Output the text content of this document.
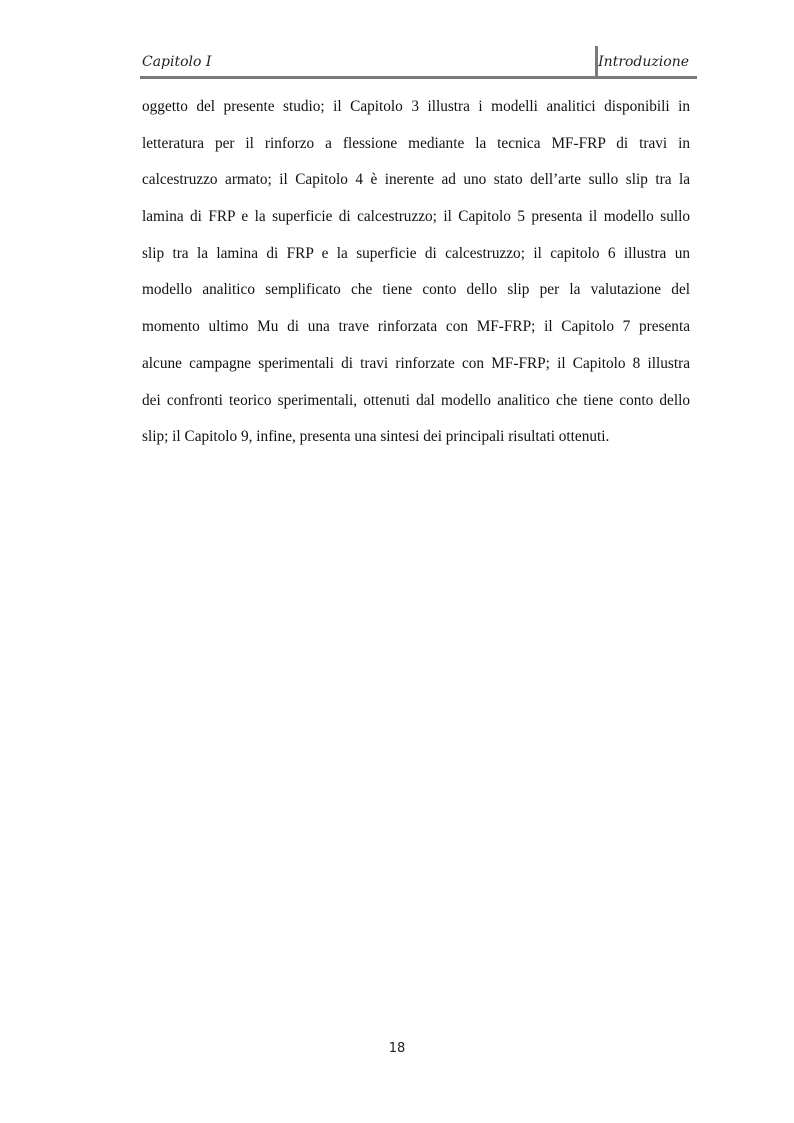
Capitolo I	Introduzione
oggetto del presente studio; il Capitolo 3 illustra i modelli analitici disponibili in
letteratura per il rinforzo a flessione mediante la tecnica MF-FRP di travi in
calcestruzzo armato; il Capitolo 4 è inerente ad uno stato dell’arte sullo slip tra la
lamina di FRP e la superficie di calcestruzzo; il Capitolo 5 presenta il modello sullo
slip tra la lamina di FRP e la superficie di calcestruzzo; il capitolo 6 illustra un
modello analitico semplificato che tiene conto dello slip per la valutazione del
momento ultimo Mu di una trave rinforzata con MF-FRP; il Capitolo 7 presenta
alcune campagne sperimentali di travi rinforzate con MF-FRP; il Capitolo 8 illustra
dei confronti teorico sperimentali, ottenuti dal modello analitico che tiene conto dello
slip; il Capitolo 9, infine, presenta una sintesi dei principali risultati ottenuti.
18
